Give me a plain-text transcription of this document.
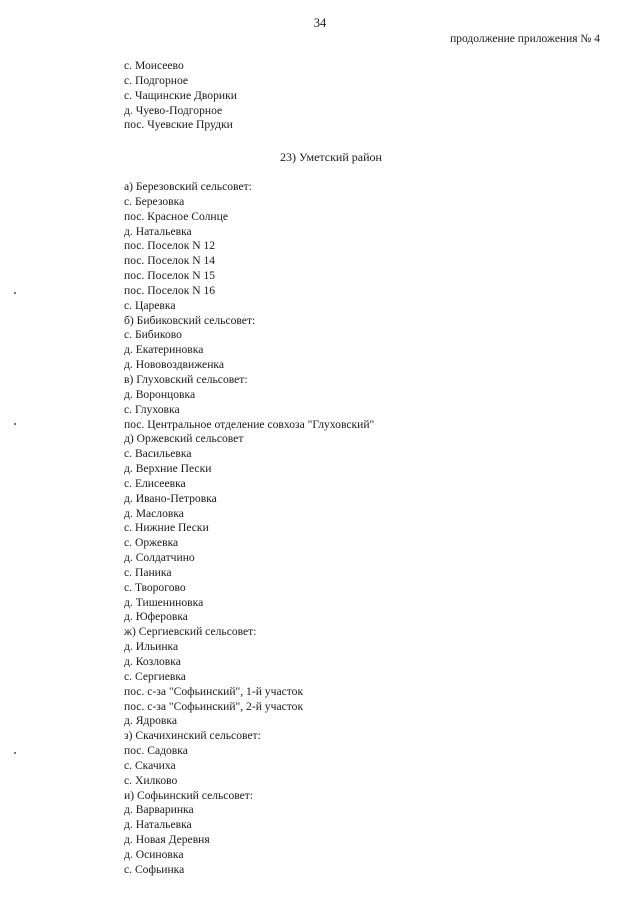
34
продолжение приложения № 4
с. Моисеево
с. Подгорное
с. Чащинские Дворики
д. Чуево-Подгорное
пос. Чуевские Прудки
23) Уметский район
а) Березовский сельсовет:
с. Березовка
пос. Красное Солнце
д. Натальевка
пос. Поселок N 12
пос. Поселок N 14
пос. Поселок N 15
пос. Поселок N 16
с. Царевка
б) Бибиковский сельсовет:
с. Бибиково
д. Екатериновка
д. Нововоздвиженка
в) Глуховский сельсовет:
д. Воронцовка
с. Глуховка
пос. Центральное отделение совхоза "Глуховский"
д) Оржевский сельсовет
с. Васильевка
д. Верхние Пески
с. Елисеевка
д. Ивано-Петровка
д. Масловка
с. Нижние Пески
с. Оржевка
д. Солдатчино
с. Паника
с. Творогово
д. Тишениновка
д. Юферовка
ж) Сергиевский сельсовет:
д. Ильинка
д. Козловка
с. Сергиевка
пос. с-за "Софьинский", 1-й участок
пос. с-за "Софьинский", 2-й участок
д. Ядровка
з) Скачихинский сельсовет:
пос. Садовка
с. Скачиха
с. Хилково
и) Софьинский сельсовет:
д. Варваринка
д. Натальевка
д. Новая Деревня
д. Осиновка
с. Софьинка
